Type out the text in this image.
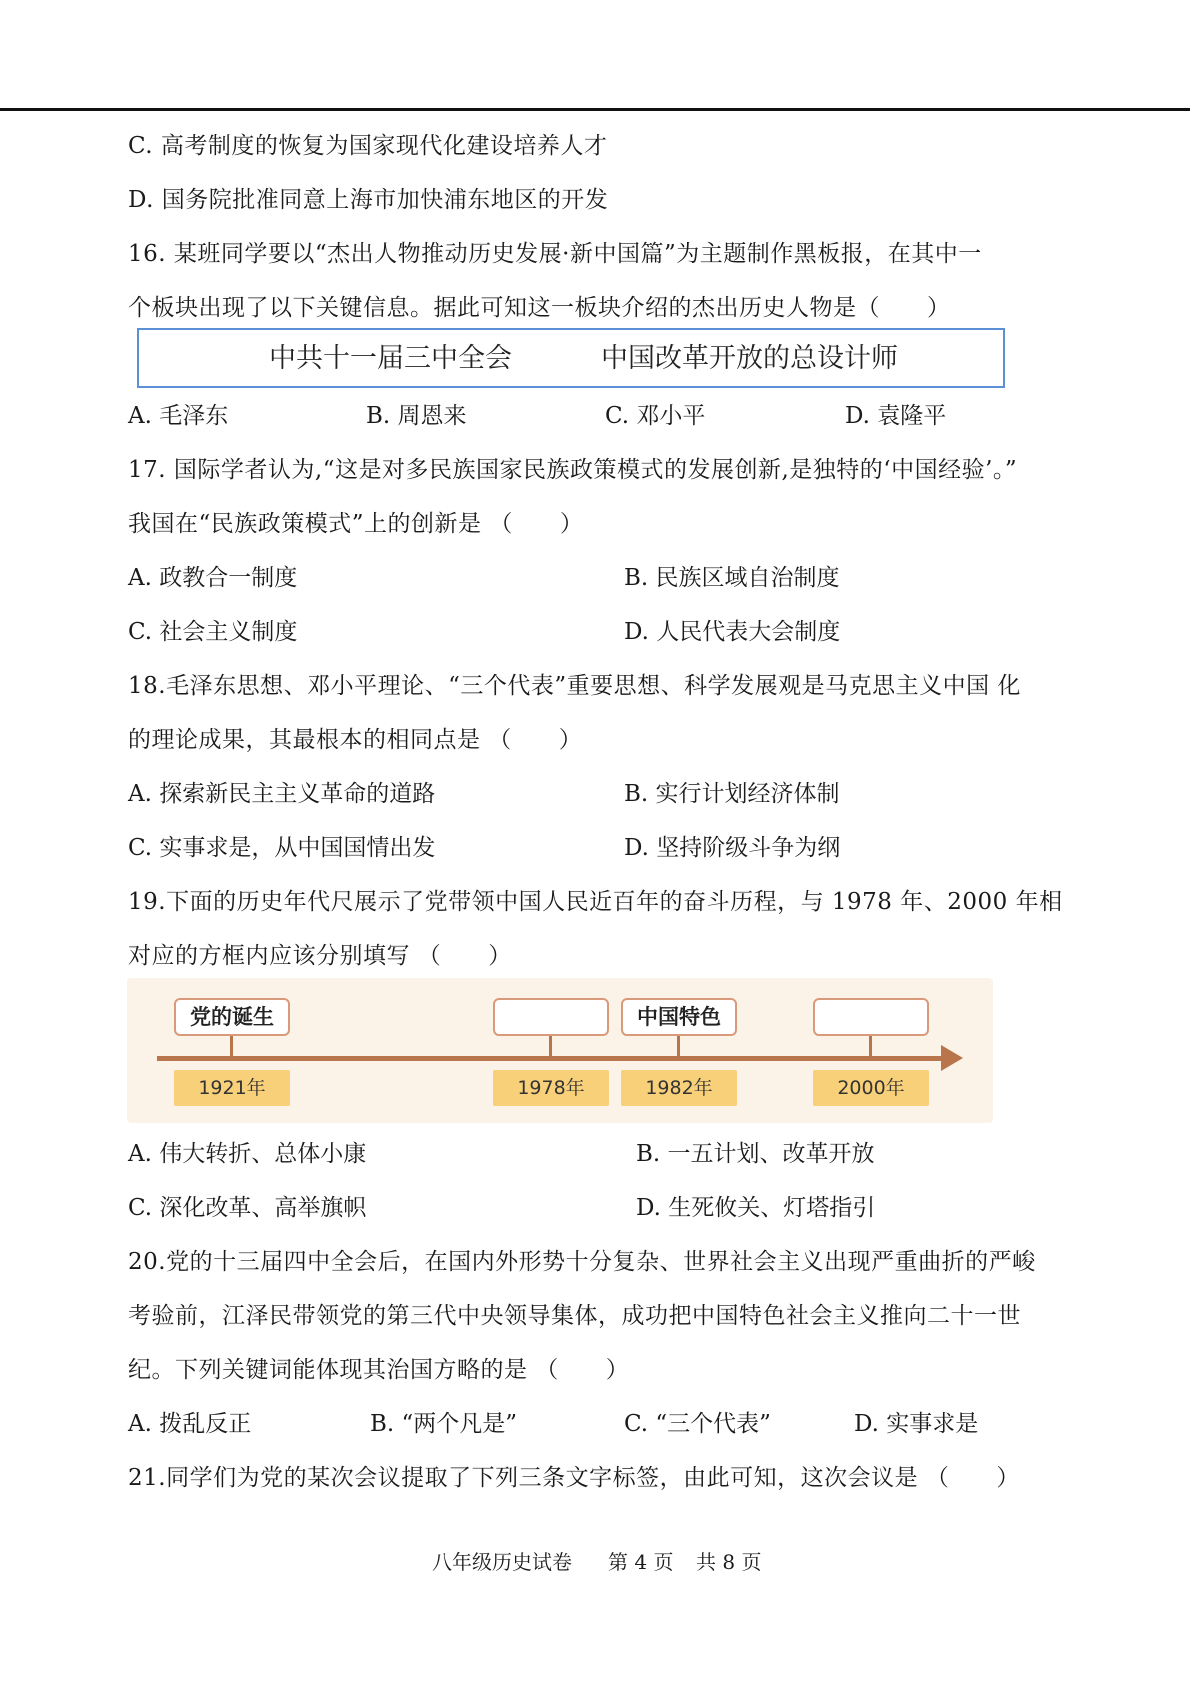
C. 高考制度的恢复为国家现代化建设培养人才
D. 国务院批准同意上海市加快浦东地区的开发
16. 某班同学要以“杰出人物推动历史发展·新中国篇”为主题制作黑板报，在其中一
个板块出现了以下关键信息。据此可知这一板块介绍的杰出历史人物是（　　）
中共十一届三中全会	中国改革开放的总设计师
A. 毛泽东	B. 周恩来	C. 邓小平	D. 袁隆平
17. 国际学者认为,“这是对多民族国家民族政策模式的发展创新,是独特的‘中国经验’。”
我国在“民族政策模式”上的创新是 （　　）
A. 政教合一制度	B. 民族区域自治制度
C. 社会主义制度	D. 人民代表大会制度
18.毛泽东思想、邓小平理论、“三个代表”重要思想、科学发展观是马克思主义中国 化
的理论成果，其最根本的相同点是 （　　）
A. 探索新民主主义革命的道路	B. 实行计划经济体制
C. 实事求是，从中国国情出发	D. 坚持阶级斗争为纲
19.下面的历史年代尺展示了党带领中国人民近百年的奋斗历程，与 1978 年、2000 年相
对应的方框内应该分别填写 （　　）
党的诞生
1921年	1978年
中国特色
1982年	2000年
A. 伟大转折、总体小康	B. 一五计划、改革开放
C. 深化改革、高举旗帜	D. 生死攸关、灯塔指引
20.党的十三届四中全会后，在国内外形势十分复杂、世界社会主义出现严重曲折的严峻
考验前，江泽民带领党的第三代中央领导集体，成功把中国特色社会主义推向二十一世
纪。下列关键词能体现其治国方略的是 （　　）
A. 拨乱反正	B. “两个凡是”	C. “三个代表”	D. 实事求是
21.同学们为党的某次会议提取了下列三条文字标签，由此可知，这次会议是 （　　）
八年级历史试卷 第 4 页 共 8 页
